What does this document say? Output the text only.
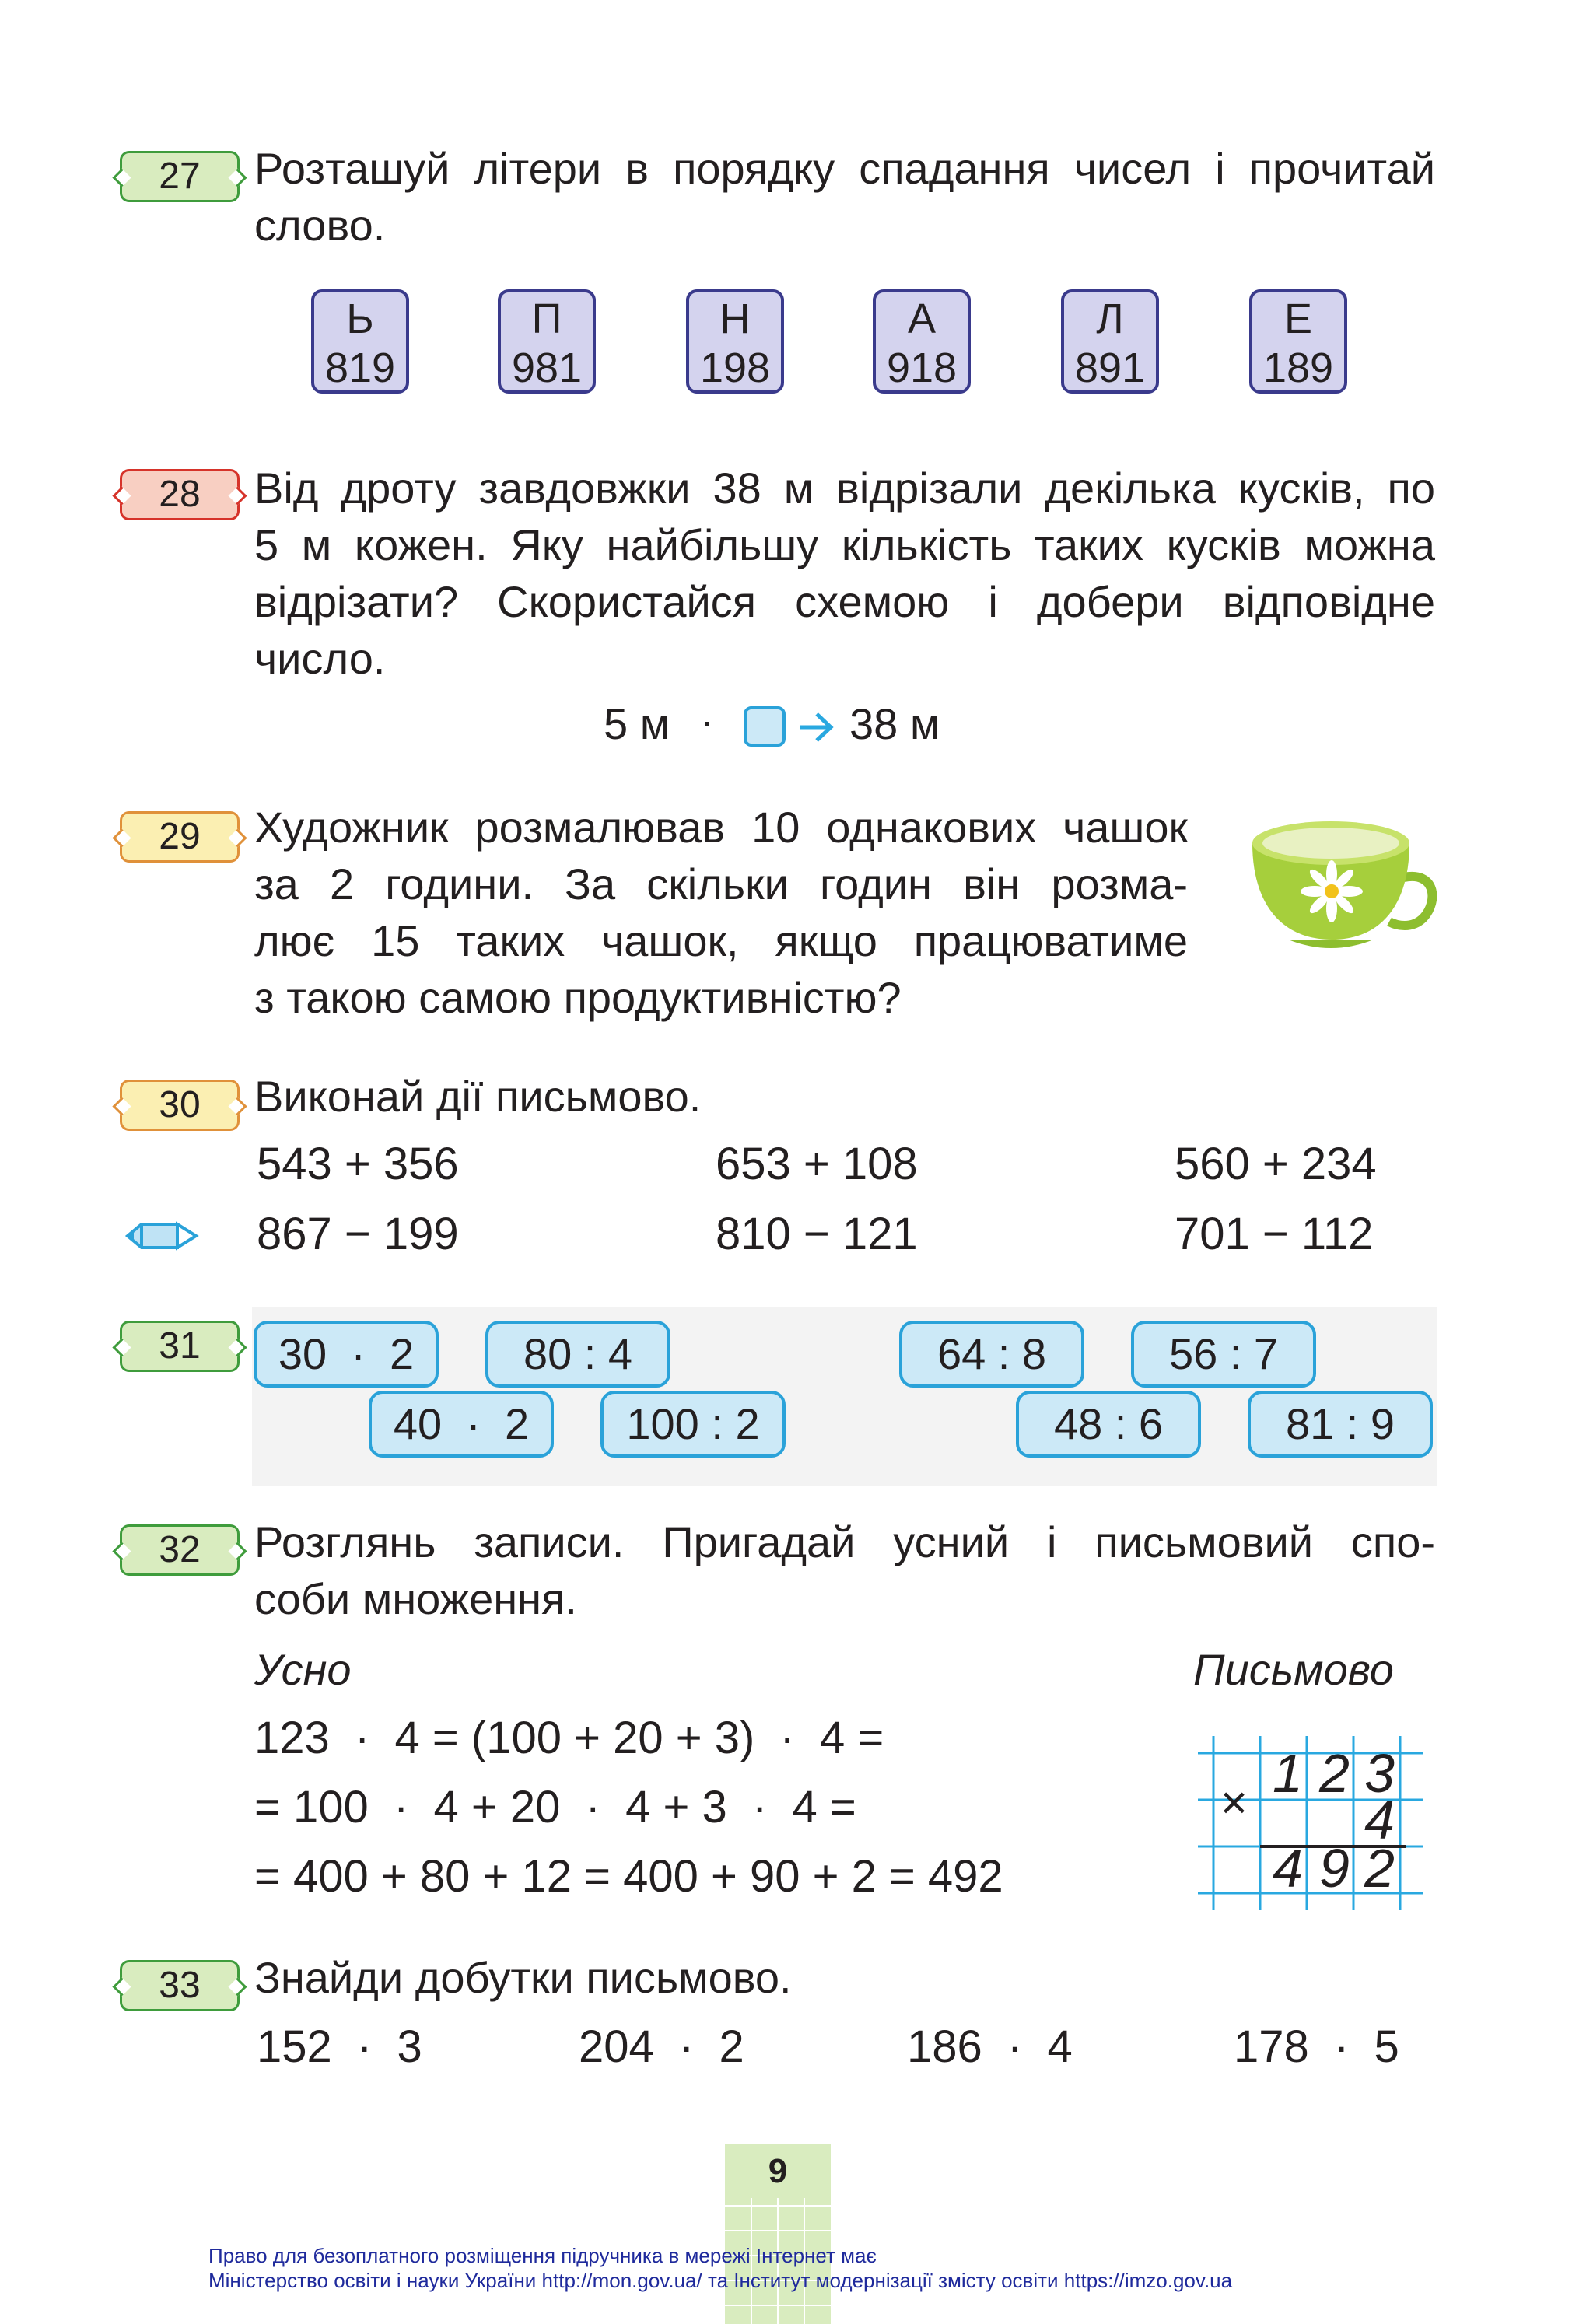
27	Розташуй літери в порядку спадання чисел і прочитай
слово.
Ь
819
П
981
Н
198
А
918
Л
891
Е
189
28	Від дроту завдовжки 38 м відрізали декілька кусків, по
5 м кожен. Яку найбільшу кількість таких кусків можна
відрізати? Скористайся схемою і добери відповідне
число.
5 м ·	38 м
29	Художник розмалював 10 однакових чашок
за 2 години. За скільки годин він розма-
лює 15 таких чашок, якщо працюватиме
з такою самою продуктивністю?
30	Виконай дії письмово.
543 + 356	653 + 108	560 + 234
867 − 199	810 − 121	701 − 112
31	30  ·  2	80 : 4	64 : 8	56 : 7
40  ·  2	100 : 2	48 : 6	81 : 9
32	Розглянь записи. Пригадай усний і письмовий спо-
соби множення.
Усно	Письмово
123  ·  4 = (100 + 20 + 3)  ·  4 =
= 100  ·  4 + 20  ·  4 + 3  ·  4 =
= 400 + 80 + 12 = 400 + 90 + 2 = 492
× 1 2 3
4
4 9 2
33	Знайди добутки письмово.
152  ·  3	204  ·  2	186  ·  4	178  ·  5
9
Право для безоплатного розміщення підручника в мережі Інтернет має
Міністерство освіти і науки України http://mon.gov.ua/ та Інститут модернізації змісту освіти https://imzo.gov.ua
